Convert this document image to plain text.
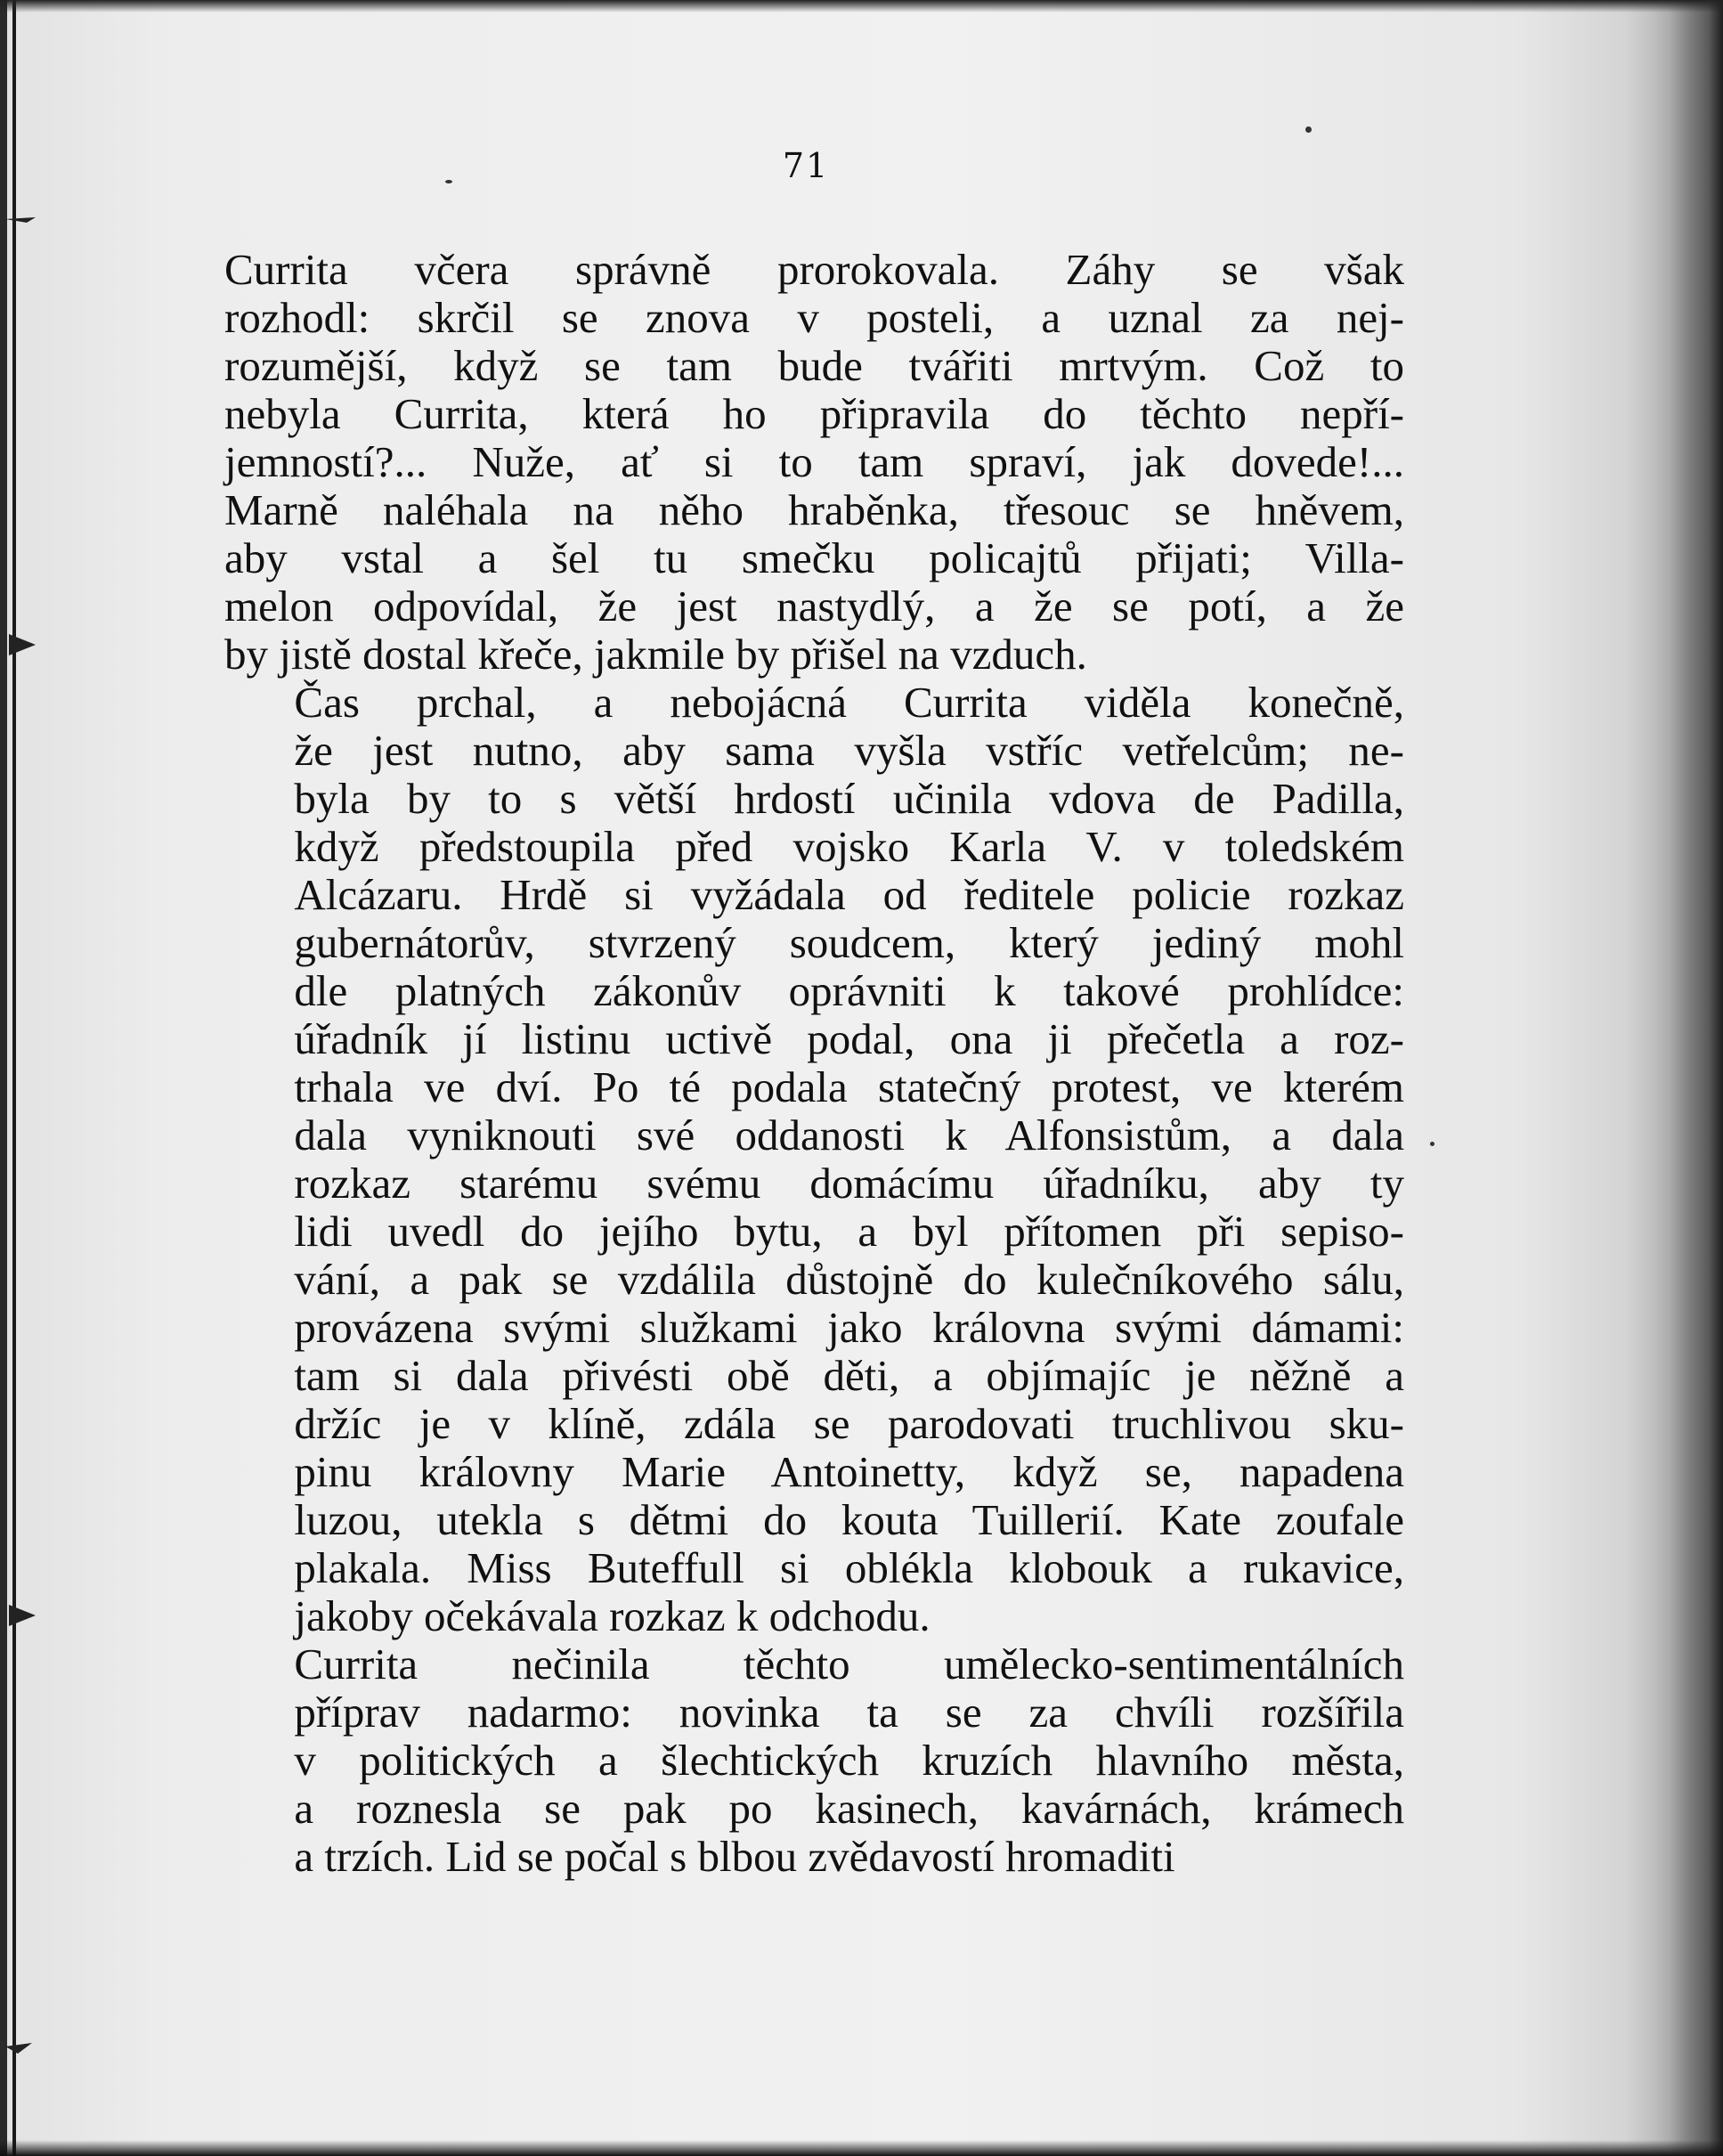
71

Currita včera správně prorokovala. Záhy se však
rozhodl: skrčil se znova v posteli, a uznal za nej-
rozumější, když se tam bude tvářiti mrtvým. Což to
nebyla Currita, která ho připravila do těchto nepří-
jemností?... Nuže, ať si to tam spraví, jak dovede!...
Marně naléhala na něho hraběnka, třesouc se hněvem,
aby vstal a šel tu smečku policajtů přijati; Villa-
melon odpovídal, že jest nastydlý, a že se potí, a že
by jistě dostal křeče, jakmile by přišel na vzduch.

Čas prchal, a nebojácná Currita viděla konečně,
že jest nutno, aby sama vyšla vstříc vetřelcům; ne-
byla by to s větší hrdostí učinila vdova de Padilla,
když předstoupila před vojsko Karla V. v toledském
Alcázaru. Hrdě si vyžádala od ředitele policie rozkaz
gubernátorův, stvrzený soudcem, který jediný mohl
dle platných zákonův oprávniti k takové prohlídce:
úřadník jí listinu uctivě podal, ona ji přečetla a roz-
trhala ve dví. Po té podala statečný protest, ve kterém
dala vyniknouti své oddanosti k Alfonsistům, a dala
rozkaz starému svému domácímu úřadníku, aby ty
lidi uvedl do jejího bytu, a byl přítomen při sepiso-
vání, a pak se vzdálila důstojně do kulečníkového sálu,
provázena svými služkami jako královna svými dámami:
tam si dala přivésti obě děti, a objímajíc je něžně a
držíc je v klíně, zdála se parodovati truchlivou sku-
pinu královny Marie Antoinetty, když se, napadena
luzou, utekla s dětmi do kouta Tuillerií. Kate zoufale
plakala. Miss Buteffull si oblékla klobouk a rukavice,
jakoby očekávala rozkaz k odchodu.

Currita nečinila těchto umělecko-sentimentálních
příprav nadarmo: novinka ta se za chvíli rozšířila
v politických a šlechtických kruzích hlavního města,
a roznesla se pak po kasinech, kavárnách, krámech
a trzích. Lid se počal s blbou zvědavostí hromaditi
